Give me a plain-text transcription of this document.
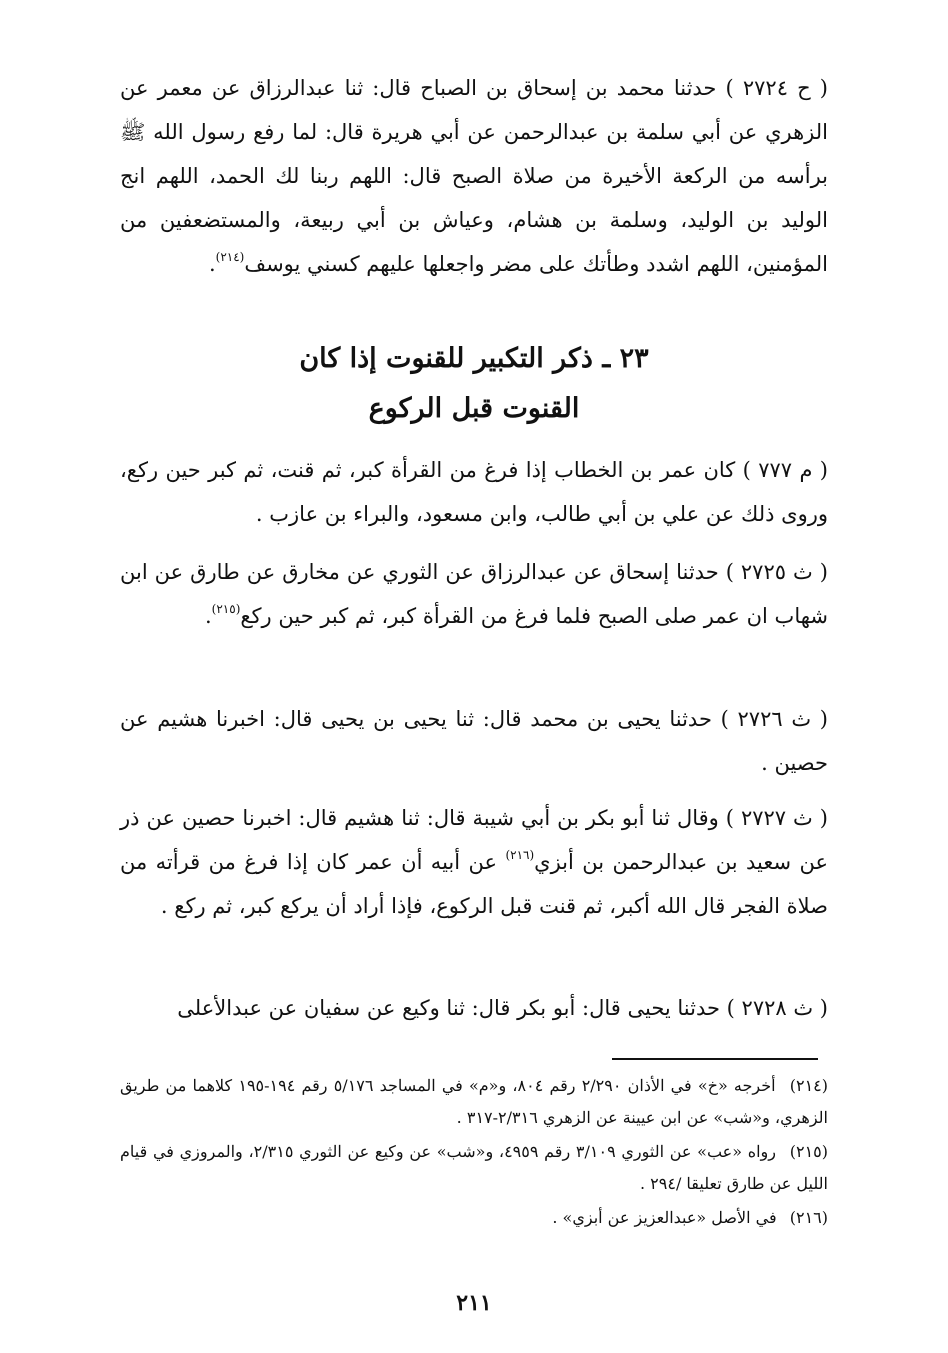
( ح ٢٧٢٤ ) حدثنا محمد بن إسحاق بن الصباح قال: ثنا عبدالرزاق عن معمر عن الزهري عن أبي سلمة بن عبدالرحمن عن أبي هريرة قال: لما رفع رسول الله ﷺ برأسه من الركعة الأخيرة من صلاة الصبح قال: اللهم ربنا لك الحمد، اللهم انج الوليد بن الوليد، وسلمة بن هشام، وعياش بن أبي ربيعة، والمستضعفين من المؤمنين، اللهم اشدد وطأتك على مضر واجعلها عليهم كسني يوسف$^{(٢١٤)}$.

٢٣ ـ ذكر التكبير للقنوت إذا كان
القنوت قبل الركوع

( م ٧٧٧ ) كان عمر بن الخطاب إذا فرغ من القرأة كبر، ثم قنت، ثم كبر حين ركع، وروى ذلك عن علي بن أبي طالب، وابن مسعود، والبراء بن عازب .

( ث ٢٧٢٥ ) حدثنا إسحاق عن عبدالرزاق عن الثوري عن مخارق عن طارق عن ابن شهاب ان عمر صلى الصبح فلما فرغ من القرأة كبر، ثم كبر حين ركع$^{(٢١٥)}$.

( ث ٢٧٢٦ ) حدثنا يحيى بن محمد قال: ثنا يحيى بن يحيى قال: اخبرنا هشيم عن حصين .

( ث ٢٧٢٧ ) وقال ثنا أبو بكر بن أبي شيبة قال: ثنا هشيم قال: اخبرنا حصين عن ذر عن سعيد بن عبدالرحمن بن أبزي$^{(٢١٦)}$ عن أبيه أن عمر كان إذا فرغ من قرأته من صلاة الفجر قال الله أكبر، ثم قنت قبل الركوع، فإذا أراد أن يركع كبر، ثم ركع .

( ث ٢٧٢٨ ) حدثنا يحيى قال: أبو بكر قال: ثنا وكيع عن سفيان عن عبدالأعلى

(٢١٤) أخرجه «خ» في الأذان ٢/٢٩٠ رقم ٨٠٤، و«م» في المساجد ٥/١٧٦ رقم ١٩٤-١٩٥ كلاهما من طريق الزهري، و«شب» عن ابن عيينة عن الزهري ٢/٣١٦-٣١٧ .

(٢١٥) رواه «عب» عن الثوري ٣/١٠٩ رقم ٤٩٥٩، و«شب» عن وكيع عن الثوري ٢/٣١٥، والمروزي في قيام الليل عن طارق تعليقا /٢٩٤ .

(٢١٦) في الأصل «عبدالعزيز عن أبزي» .

٢١١
